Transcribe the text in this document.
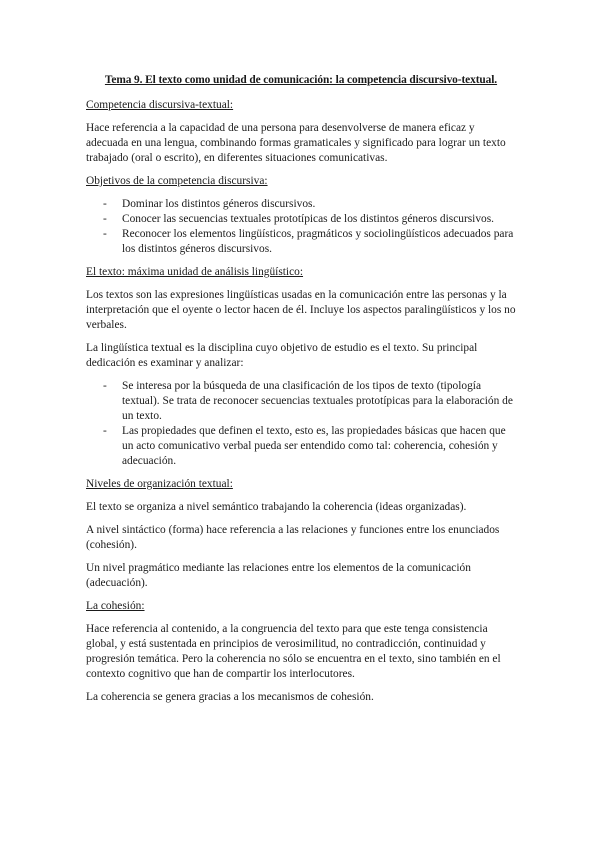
Tema 9. El texto como unidad de comunicación: la competencia discursivo-textual.
Competencia discursiva-textual:

Hace referencia a la capacidad de una persona para desenvolverse de manera eficaz y adecuada en una lengua, combinando formas gramaticales y significado para lograr un texto trabajado (oral o escrito), en diferentes situaciones comunicativas.

Objetivos de la competencia discursiva:
- Dominar los distintos géneros discursivos.
- Conocer las secuencias textuales prototípicas de los distintos géneros discursivos.
- Reconocer los elementos lingüísticos, pragmáticos y sociolingüísticos adecuados para los distintos géneros discursivos.
El texto: máxima unidad de análisis lingüístico:

Los textos son las expresiones lingüísticas usadas en la comunicación entre las personas y la interpretación que el oyente o lector hacen de él. Incluye los aspectos paralingüísticos y los no verbales.

La lingüística textual es la disciplina cuyo objetivo de estudio es el texto. Su principal dedicación es examinar y analizar:

- Se interesa por la búsqueda de una clasificación de los tipos de texto (tipología textual). Se trata de reconocer secuencias textuales prototípicas para la elaboración de un texto.
- Las propiedades que definen el texto, esto es, las propiedades básicas que hacen que un acto comunicativo verbal pueda ser entendido como tal: coherencia, cohesión y adecuación.
Niveles de organización textual:

El texto se organiza a nivel semántico trabajando la coherencia (ideas organizadas).

A nivel sintáctico (forma) hace referencia a las relaciones y funciones entre los enunciados (cohesión).

Un nivel pragmático mediante las relaciones entre los elementos de la comunicación (adecuación).

La cohesión:

Hace referencia al contenido, a la congruencia del texto para que este tenga consistencia global, y está sustentada en principios de verosimilitud, no contradicción, continuidad y progresión temática. Pero la coherencia no sólo se encuentra en el texto, sino también en el contexto cognitivo que han de compartir los interlocutores.

La coherencia se genera gracias a los mecanismos de cohesión.
